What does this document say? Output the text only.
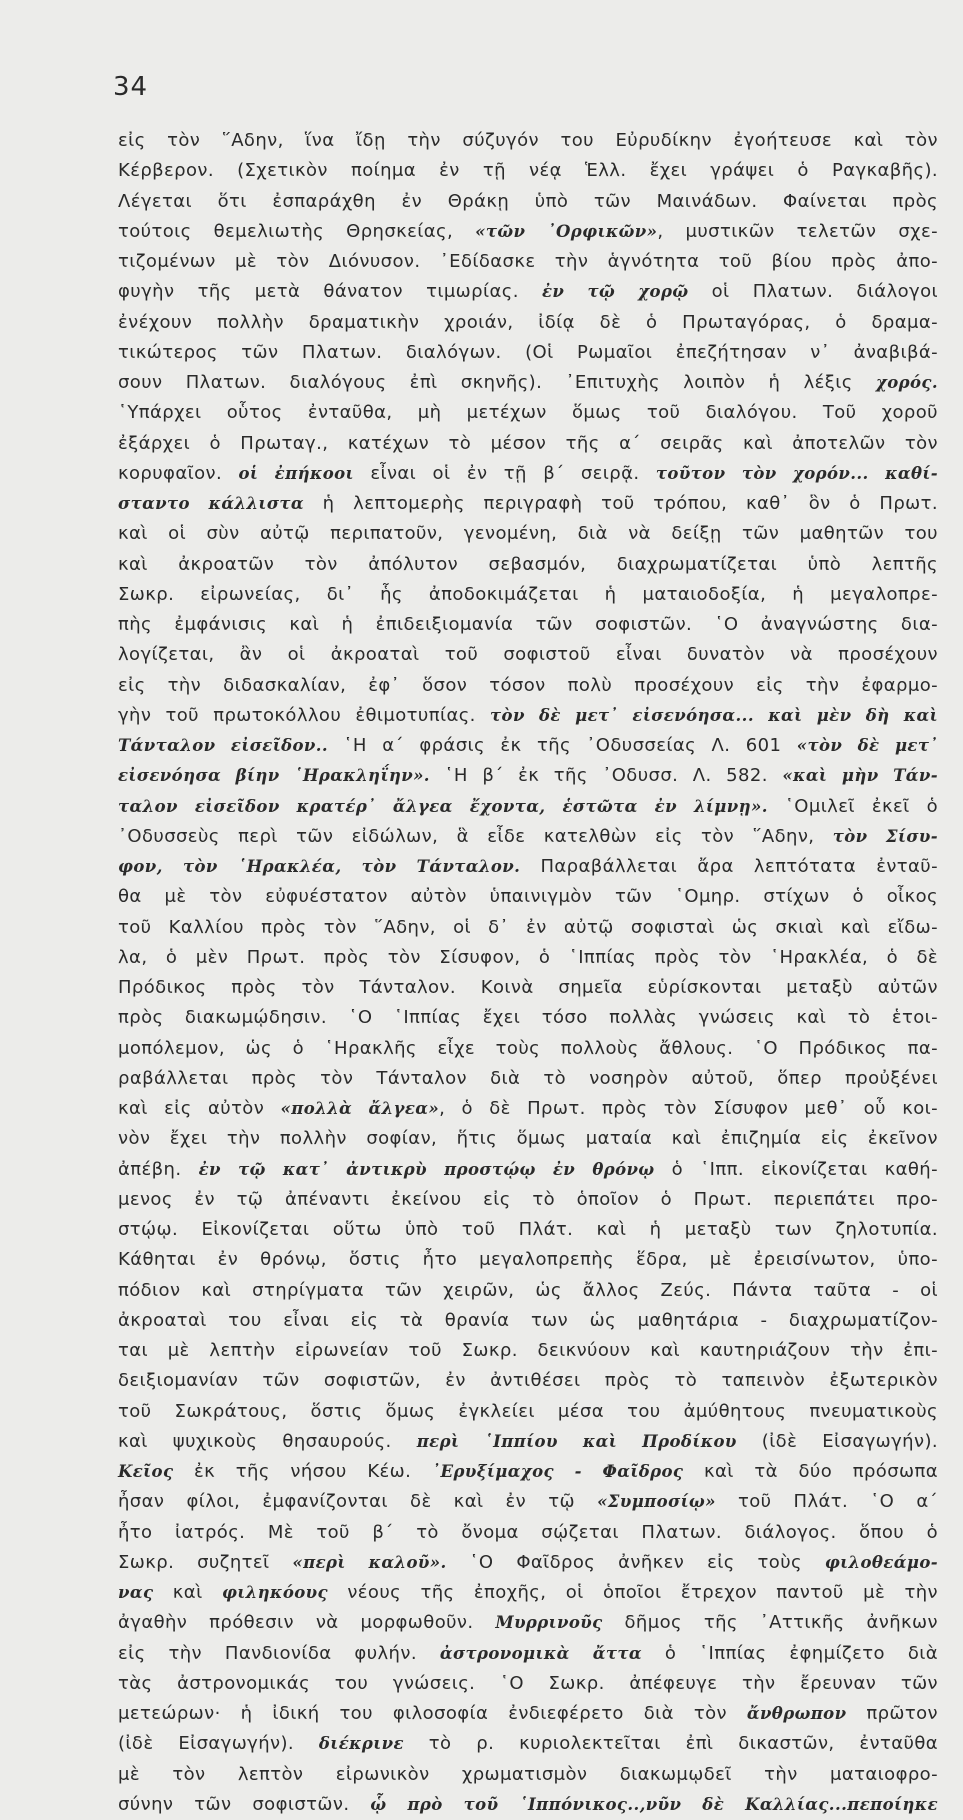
34
εἰς τὸν ῞Αδην, ἵνα ἴδῃ τὴν σύζυγόν του Εὐρυδίκην ἐγοήτευσε καὶ τὸν
Κέρβερον. (Σχετικὸν ποίημα ἐν τῇ νέᾳ Ἑλλ. ἔχει γράψει ὁ Ραγκαβῆς).
Λέγεται ὅτι ἐσπαράχθη ἐν Θράκῃ ὑπὸ τῶν Μαινάδων. Φαίνεται πρὸς
τούτοις θεμελιωτὴς Θρησκείας, «τῶν ᾿Ορφικῶν», μυστικῶν τελετῶν σχε-
τιζομένων μὲ τὸν Διόνυσον. ᾿Εδίδασκε τὴν ἁγνότητα τοῦ βίου πρὸς ἀπο-
φυγὴν τῆς μετὰ θάνατον τιμωρίας. ἐν τῷ χορῷ οἱ Πλατων. διάλογοι
ἐνέχουν πολλὴν δραματικὴν χροιάν, ἰδίᾳ δὲ ὁ Πρωταγόρας, ὁ δραμα-
τικώτερος τῶν Πλατων. διαλόγων. (Οἱ Ρωμαῖοι ἐπεζήτησαν ν᾿ ἀναβιβά-
σουν Πλατων. διαλόγους ἐπὶ σκηνῆς). ᾿Επιτυχὴς λοιπὸν ἡ λέξις χορός.
῾Υπάρχει οὗτος ἐνταῦθα, μὴ μετέχων ὅμως τοῦ διαλόγου. Τοῦ χοροῦ
ἐξάρχει ὁ Πρωταγ., κατέχων τὸ μέσον τῆς α΄ σειρᾶς καὶ ἀποτελῶν τὸν
κορυφαῖον. οἱ ἐπήκοοι εἶναι οἱ ἐν τῇ β΄ σειρᾷ. τοῦτον τὸν χορόν... καθί-
σταντο κάλλιστα ἡ λεπτομερὴς περιγραφὴ τοῦ τρόπου, καθ᾿ ὃν ὁ Πρωτ.
καὶ οἱ σὺν αὐτῷ περιπατοῦν, γενομένη, διὰ νὰ δείξῃ τῶν μαθητῶν του
καὶ ἀκροατῶν τὸν ἀπόλυτον σεβασμόν, διαχρωματίζεται ὑπὸ λεπτῆς
Σωκρ. εἰρωνείας, δι᾿ ἧς ἀποδοκιμάζεται ἡ ματαιοδοξία, ἡ μεγαλοπρε-
πὴς ἐμφάνισις καὶ ἡ ἐπιδειξιομανία τῶν σοφιστῶν. ῾Ο ἀναγνώστης δια-
λογίζεται, ἂν οἱ ἀκροαταὶ τοῦ σοφιστοῦ εἶναι δυνατὸν νὰ προσέχουν
εἰς τὴν διδασκαλίαν, ἐφ᾿ ὅσον τόσον πολὺ προσέχουν εἰς τὴν ἐφαρμο-
γὴν τοῦ πρωτοκόλλου ἐθιμοτυπίας. τὸν δὲ μετ᾿ εἰσενόησα... καὶ μὲν δὴ καὶ
Τάνταλον εἰσεῖδον.. ῾Η α΄ φράσις ἐκ τῆς ᾿Οδυσσείας Λ. 601 «τὸν δὲ μετ᾿
εἰσενόησα βίην ῾Ηρακληΐην». ῾Η β΄ ἐκ τῆς ᾿Οδυσσ. Λ. 582. «καὶ μὴν Τάν-
ταλον εἰσεῖδον κρατέρ᾿ ἄλγεα ἔχοντα, ἑστῶτα ἐν λίμνῃ». ῾Ομιλεῖ ἐκεῖ ὁ
᾿Οδυσσεὺς περὶ τῶν εἰδώλων, ἃ εἶδε κατελθὼν εἰς τὸν ῞Αδην, τὸν Σίσυ-
φον, τὸν ῾Ηρακλέα, τὸν Τάνταλον. Παραβάλλεται ἄρα λεπτότατα ἐνταῦ-
θα μὲ τὸν εὐφυέστατον αὐτὸν ὑπαινιγμὸν τῶν ῾Ομηρ. στίχων ὁ οἶκος
τοῦ Καλλίου πρὸς τὸν ῞Αδην, οἱ δ᾿ ἐν αὐτῷ σοφισταὶ ὡς σκιαὶ καὶ εἴδω-
λα, ὁ μὲν Πρωτ. πρὸς τὸν Σίσυφον, ὁ ῾Ιππίας πρὸς τὸν ῾Ηρακλέα, ὁ δὲ
Πρόδικος πρὸς τὸν Τάνταλον. Κοινὰ σημεῖα εὑρίσκονται μεταξὺ αὐτῶν
πρὸς διακωμῴδησιν. ῾Ο ῾Ιππίας ἔχει τόσο πολλὰς γνώσεις καὶ τὸ ἑτοι-
μοπόλεμον, ὡς ὁ ῾Ηρακλῆς εἶχε τοὺς πολλοὺς ἄθλους. ῾Ο Πρόδικος πα-
ραβάλλεται πρὸς τὸν Τάνταλον διὰ τὸ νοσηρὸν αὐτοῦ, ὅπερ προὐξένει
καὶ εἰς αὐτὸν «πολλὰ ἄλγεα», ὁ δὲ Πρωτ. πρὸς τὸν Σίσυφον μεθ᾿ οὗ κοι-
νὸν ἔχει τὴν πολλὴν σοφίαν, ἥτις ὅμως ματαία καὶ ἐπιζημία εἰς ἐκεῖνον
ἀπέβη. ἐν τῷ κατ᾿ ἀντικρὺ προστῴῳ ἐν θρόνῳ ὁ ῾Ιππ. εἰκονίζεται καθή-
μενος ἐν τῷ ἀπέναντι ἐκείνου εἰς τὸ ὁποῖον ὁ Πρωτ. περιεπάτει προ-
στῴῳ. Εἰκονίζεται οὕτω ὑπὸ τοῦ Πλάτ. καὶ ἡ μεταξὺ των ζηλοτυπία.
Κάθηται ἐν θρόνῳ, ὅστις ἦτο μεγαλοπρεπὴς ἕδρα, μὲ ἐρεισίνωτον, ὑπο-
πόδιον καὶ στηρίγματα τῶν χειρῶν, ὡς ἄλλος Ζεύς. Πάντα ταῦτα - οἱ
ἀκροαταὶ του εἶναι εἰς τὰ θρανία των ὡς μαθητάρια - διαχρωματίζον-
ται μὲ λεπτὴν εἰρωνείαν τοῦ Σωκρ. δεικνύουν καὶ καυτηριάζουν τὴν ἐπι-
δειξιομανίαν τῶν σοφιστῶν, ἐν ἀντιθέσει πρὸς τὸ ταπεινὸν ἐξωτερικὸν
τοῦ Σωκράτους, ὅστις ὅμως ἐγκλείει μέσα του ἀμύθητους πνευματικοὺς
καὶ ψυχικοὺς θησαυρούς. περὶ ῾Ιππίου καὶ Προδίκου (ἰδὲ Εἰσαγωγήν).
Κεῖος ἐκ τῆς νήσου Κέω. ᾿Ερυξίμαχος - Φαῖδρος καὶ τὰ δύο πρόσωπα
ἦσαν φίλοι, ἐμφανίζονται δὲ καὶ ἐν τῷ «Συμποσίῳ» τοῦ Πλάτ. ῾Ο α΄
ἦτο ἰατρός. Μὲ τοῦ β΄ τὸ ὄνομα σῴζεται Πλατων. διάλογος. ὅπου ὁ
Σωκρ. συζητεῖ «περὶ καλοῦ». ῾Ο Φαῖδρος ἀνῆκεν εἰς τοὺς φιλοθεάμο-
νας καὶ φιληκόους νέους τῆς ἐποχῆς, οἱ ὁποῖοι ἔτρεχον παντοῦ μὲ τὴν
ἀγαθὴν πρόθεσιν νὰ μορφωθοῦν. Μυρρινοῦς δῆμος τῆς ᾿Αττικῆς ἀνῆκων
εἰς τὴν Πανδιονίδα φυλήν. ἀστρονομικὰ ἄττα ὁ ῾Ιππίας ἐφημίζετο διὰ
τὰς ἀστρονομικάς του γνώσεις. ῾Ο Σωκρ. ἀπέφευγε τὴν ἔρευναν τῶν
μετεώρων· ἡ ἰδική του φιλοσοφία ἐνδιεφέρετο διὰ τὸν ἄνθρωπον πρῶτον
(ἰδὲ Εἰσαγωγήν). διέκρινε τὸ ρ. κυριολεκτεῖται ἐπὶ δικαστῶν, ἐνταῦθα
μὲ τὸν λεπτὸν εἰρωνικὸν χρωματισμὸν διακωμῳδεῖ τὴν ματαιοφρο-
σύνην τῶν σοφιστῶν. ᾧ πρὸ τοῦ ῾Ιππόνικος..,νῦν δὲ Καλλίας...πεποίηκε
